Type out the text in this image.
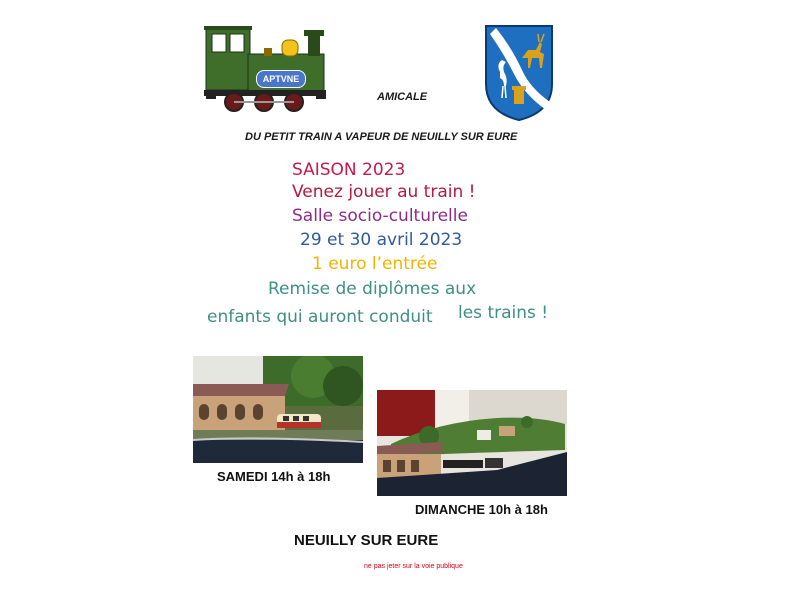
APTVNE
AMICALE
DU PETIT TRAIN A VAPEUR DE NEUILLY SUR EURE
SAISON 2023
Venez jouer au train !
Salle socio-culturelle
29 et 30 avril 2023
1 euro l’entrée
Remise de diplômes aux
enfants qui auront conduit les trains !
SAMEDI 14h à 18h
DIMANCHE 10h à 18h
NEUILLY SUR EURE
ne pas jeter sur la voie publique
